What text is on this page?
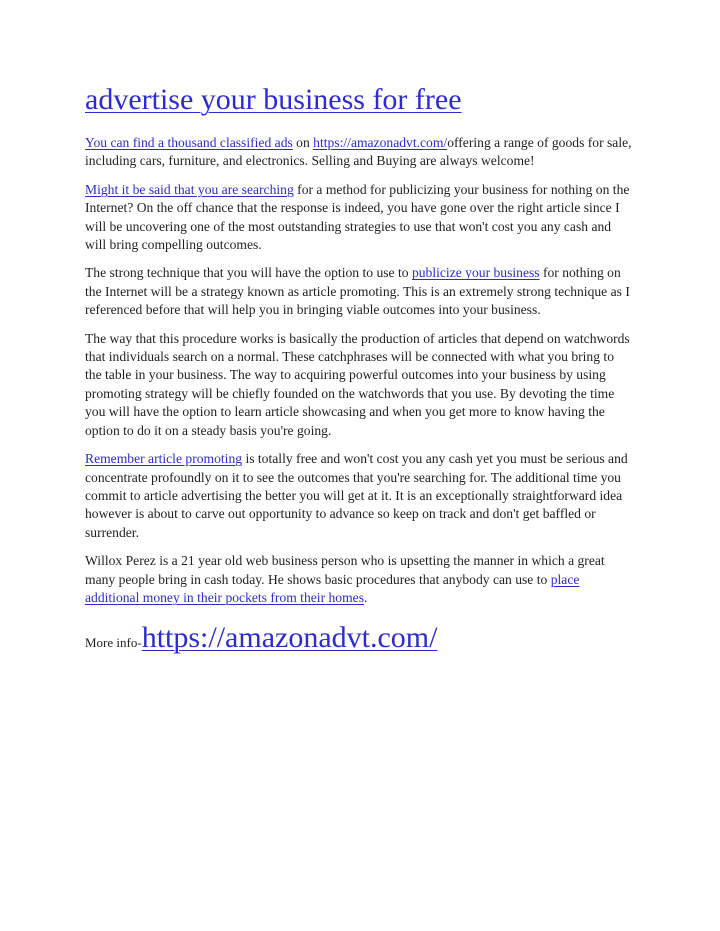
advertise your business for free

You can find a thousand classified ads on https://amazonadvt.com/offering a range of goods for sale, including cars, furniture, and electronics. Selling and Buying are always welcome!

Might it be said that you are searching for a method for publicizing your business for nothing on the Internet? On the off chance that the response is indeed, you have gone over the right article since I will be uncovering one of the most outstanding strategies to use that won't cost you any cash and will bring compelling outcomes.

The strong technique that you will have the option to use to publicize your business for nothing on the Internet will be a strategy known as article promoting. This is an extremely strong technique as I referenced before that will help you in bringing viable outcomes into your business.

The way that this procedure works is basically the production of articles that depend on watchwords that individuals search on a normal. These catchphrases will be connected with what you bring to the table in your business. The way to acquiring powerful outcomes into your business by using promoting strategy will be chiefly founded on the watchwords that you use. By devoting the time you will have the option to learn article showcasing and when you get more to know having the option to do it on a steady basis you're going.

Remember article promoting is totally free and won't cost you any cash yet you must be serious and concentrate profoundly on it to see the outcomes that you're searching for. The additional time you commit to article advertising the better you will get at it. It is an exceptionally straightforward idea however is about to carve out opportunity to advance so keep on track and don't get baffled or surrender.

Willox Perez is a 21 year old web business person who is upsetting the manner in which a great many people bring in cash today. He shows basic procedures that anybody can use to place additional money in their pockets from their homes.

More info-https://amazonadvt.com/
